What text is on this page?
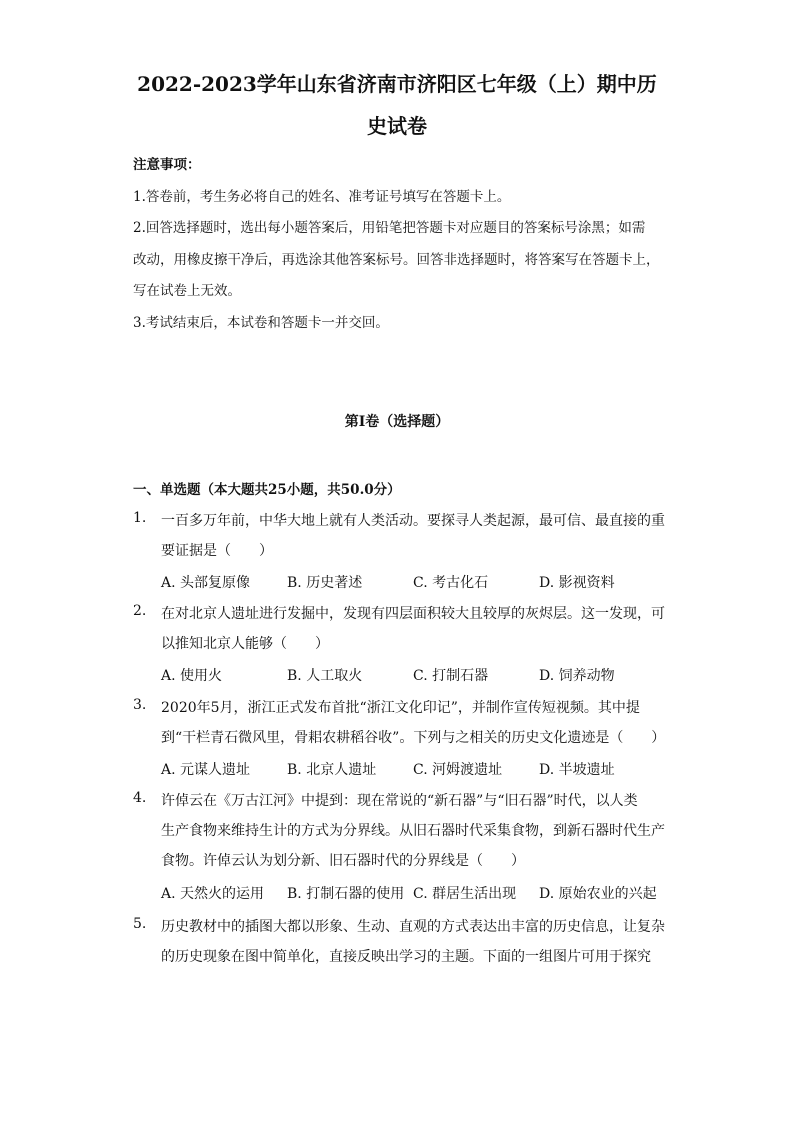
2022-2023学年山东省济南市济阳区七年级（上）期中历
史试卷
注意事项：
1.答卷前，考生务必将自己的姓名、准考证号填写在答题卡上。
2.回答选择题时，选出每小题答案后，用铅笔把答题卡对应题目的答案标号涂黑；如需
改动，用橡皮擦干净后，再选涂其他答案标号。回答非选择题时，将答案写在答题卡上，
写在试卷上无效。
3.考试结束后，本试卷和答题卡一并交回。
第Ⅰ卷（选择题）
一、单选题（本大题共25小题，共50.0分）
1.	一百多万年前，中华大地上就有人类活动。要探寻人类起源，最可信、最直接的重
要证据是（　　）
A. 头部复原像	B. 历史著述	C. 考古化石	D. 影视资料
2.	在对北京人遗址进行发掘中，发现有四层面积较大且较厚的灰烬层。这一发现，可
以推知北京人能够（　　）
A. 使用火	B. 人工取火	C. 打制石器	D. 饲养动物
3.	2020年5月，浙江正式发布首批“浙江文化印记”，并制作宣传短视频。其中提
到“干栏青石微风里，骨耜农耕稻谷收”。下列与之相关的历史文化遗迹是（　　）
A. 元谋人遗址	B. 北京人遗址	C. 河姆渡遗址	D. 半坡遗址
4.	许倬云在《万古江河》中提到：现在常说的“新石器”与“旧石器”时代，以人类
生产食物来维持生计的方式为分界线。从旧石器时代采集食物，到新石器时代生产
食物。许倬云认为划分新、旧石器时代的分界线是（　　）
A. 天然火的运用 B. 打制石器的使用 C. 群居生活出现 D. 原始农业的兴起
5.	历史教材中的插图大都以形象、生动、直观的方式表达出丰富的历史信息，让复杂
的历史现象在图中简单化，直接反映出学习的主题。下面的一组图片可用于探究
